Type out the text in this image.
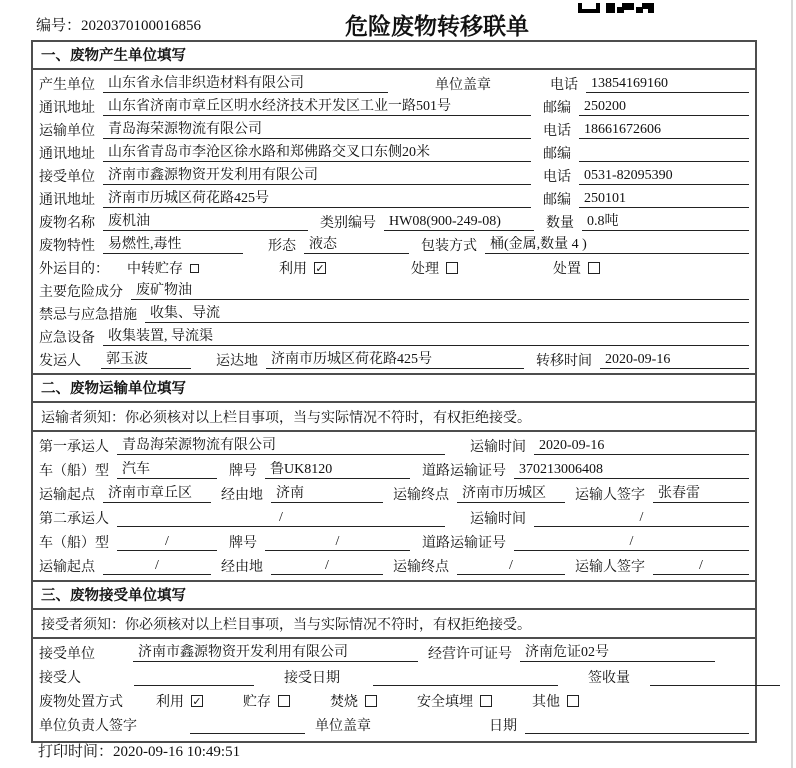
编号：2020370100016856	危险废物转移联单
一、废物产生单位填写
产生单位 山东省永信非织造材料有限公司	单位盖章	电话 13854169160
通讯地址 山东省济南市章丘区明水经济技术开发区工业一路501号	邮编 250200
运输单位 青岛海荣源物流有限公司	电话 18661672606
通讯地址 山东省青岛市李沧区徐水路和郑佛路交叉口东侧20米	邮编
接受单位 济南市鑫源物资开发利用有限公司	电话 0531-82095390
通讯地址 济南市历城区荷花路425号	邮编 250101
废物名称 废机油	类别编号 HW08(900-249-08)	数量 0.8吨
废物特性 易燃性,毒性	形态 液态	包装方式 桶(金属,数量 4 )
外运目的： 中转贮存	利用 ✓	处理	处置
主要危险成分 废矿物油
禁忌与应急措施 收集、导流
应急设备 收集装置, 导流渠
发运人	郭玉波	运达地 济南市历城区荷花路425号	转移时间 2020-09-16
二、废物运输单位填写
运输者须知：你必须核对以上栏目事项，当与实际情况不符时，有权拒绝接受。
第一承运人 青岛海荣源物流有限公司	运输时间 2020-09-16
车（船）型 汽车	牌号 鲁UK8120	道路运输证号 370213006408
运输起点 济南市章丘区	经由地 济南	运输终点 济南市历城区	运输人签字 张春雷
第二承运人	/	运输时间	/
车（船）型	/	牌号	/	道路运输证号	/
运输起点	/	经由地	/	运输终点	/	运输人签字	/
三、废物接受单位填写
接受者须知：你必须核对以上栏目事项，当与实际情况不符时，有权拒绝接受。
接受单位	济南市鑫源物资开发利用有限公司	经营许可证号 济南危证02号
接受人	接受日期	签收量
废物处置方式 利用 ✓	贮存	焚烧	安全填埋	其他
单位负责人签字	单位盖章	日期
打印时间：2020-09-16 10:49:51
